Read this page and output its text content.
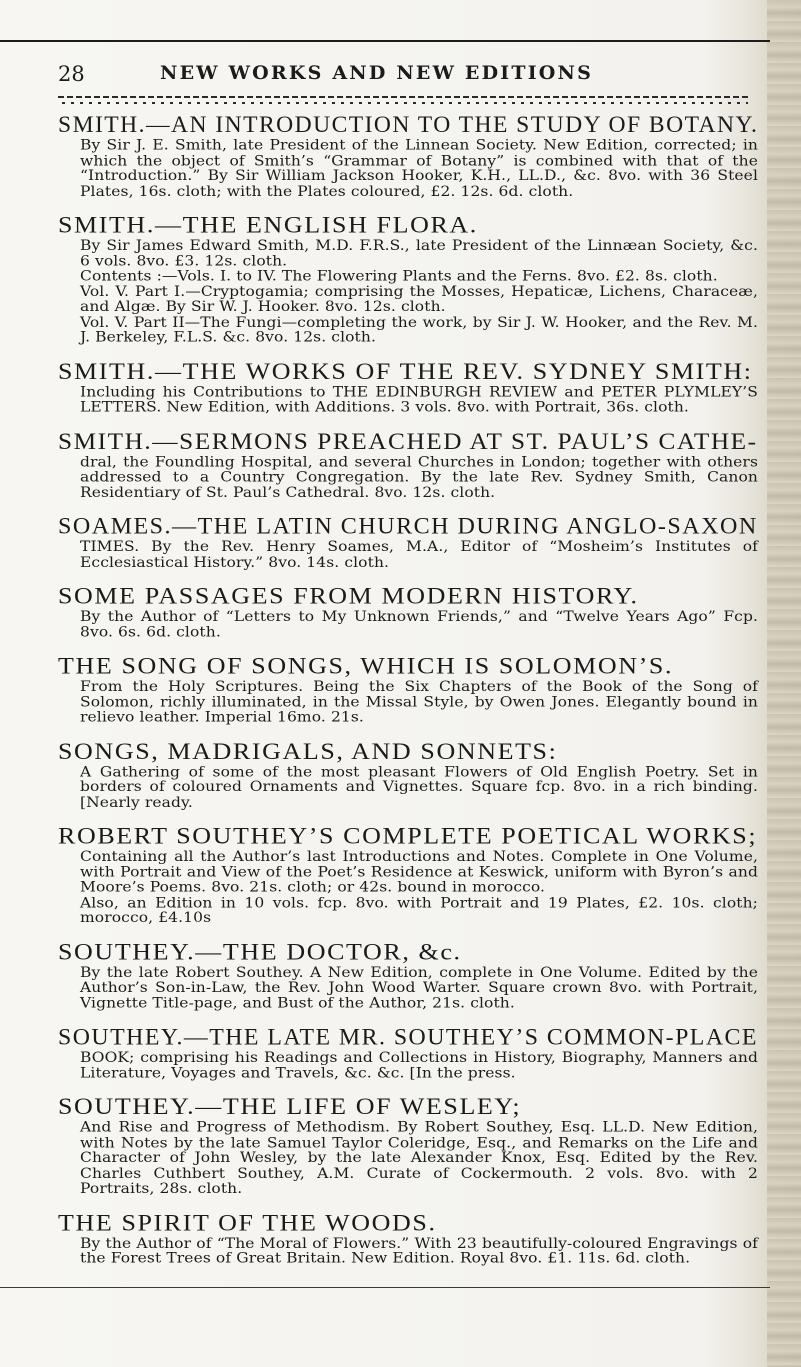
28	NEW WORKS AND NEW EDITIONS
SMITH.—AN INTRODUCTION TO THE STUDY OF BOTANY.
By Sir J. E. Smith, late President of the Linnean Society. New Edition, corrected; in which the object of Smith’s “Grammar of Botany” is combined with that of the “Introduction.” By Sir William Jackson Hooker, K.H., LL.D., &c. 8vo. with 36 Steel Plates, 16s. cloth; with the Plates coloured, £2. 12s. 6d. cloth.
SMITH.—THE ENGLISH FLORA.
By Sir James Edward Smith, M.D. F.R.S., late President of the Linnæan Society, &c. 6 vols. 8vo. £3. 12s. cloth.
Contents :—Vols. I. to IV. The Flowering Plants and the Ferns. 8vo. £2. 8s. cloth.
Vol. V. Part I.—Cryptogamia; comprising the Mosses, Hepaticæ, Lichens, Characeæ, and Algæ. By Sir W. J. Hooker. 8vo. 12s. cloth.
Vol. V. Part II—The Fungi—completing the work, by Sir J. W. Hooker, and the Rev. M. J. Berkeley, F.L.S. &c. 8vo. 12s. cloth.
SMITH.—THE WORKS OF THE REV. SYDNEY SMITH:
Including his Contributions to THE EDINBURGH REVIEW and PETER PLYMLEY’S LETTERS. New Edition, with Additions. 3 vols. 8vo. with Portrait, 36s. cloth.
SMITH.—SERMONS PREACHED AT ST. PAUL’S CATHE-
dral, the Foundling Hospital, and several Churches in London; together with others addressed to a Country Congregation. By the late Rev. Sydney Smith, Canon Residentiary of St. Paul’s Cathedral. 8vo. 12s. cloth.
SOAMES.—THE LATIN CHURCH DURING ANGLO-SAXON
TIMES. By the Rev. Henry Soames, M.A., Editor of “Mosheim’s Institutes of Ecclesiastical History.” 8vo. 14s. cloth.
SOME PASSAGES FROM MODERN HISTORY.
By the Author of “Letters to My Unknown Friends,” and “Twelve Years Ago” Fcp. 8vo. 6s. 6d. cloth.
THE SONG OF SONGS, WHICH IS SOLOMON’S.
From the Holy Scriptures. Being the Six Chapters of the Book of the Song of Solomon, richly illuminated, in the Missal Style, by Owen Jones. Elegantly bound in relievo leather. Imperial 16mo. 21s.
SONGS, MADRIGALS, AND SONNETS:
A Gathering of some of the most pleasant Flowers of Old English Poetry. Set in borders of coloured Ornaments and Vignettes. Square fcp. 8vo. in a rich binding. [Nearly ready.
ROBERT SOUTHEY’S COMPLETE POETICAL WORKS;
Containing all the Author’s last Introductions and Notes. Complete in One Volume, with Portrait and View of the Poet’s Residence at Keswick, uniform with Byron’s and Moore’s Poems. 8vo. 21s. cloth; or 42s. bound in morocco.
Also, an Edition in 10 vols. fcp. 8vo. with Portrait and 19 Plates, £2. 10s. cloth; morocco, £4.10s
SOUTHEY.—THE DOCTOR, &c.
By the late Robert Southey. A New Edition, complete in One Volume. Edited by the Author’s Son-in-Law, the Rev. John Wood Warter. Square crown 8vo. with Portrait, Vignette Title-page, and Bust of the Author, 21s. cloth.
SOUTHEY.—THE LATE MR. SOUTHEY’S COMMON-PLACE
BOOK; comprising his Readings and Collections in History, Biography, Manners and Literature, Voyages and Travels, &c. &c. [In the press.
SOUTHEY.—THE LIFE OF WESLEY;
And Rise and Progress of Methodism. By Robert Southey, Esq. LL.D. New Edition, with Notes by the late Samuel Taylor Coleridge, Esq., and Remarks on the Life and Character of John Wesley, by the late Alexander Knox, Esq. Edited by the Rev. Charles Cuthbert Southey, A.M. Curate of Cockermouth. 2 vols. 8vo. with 2 Portraits, 28s. cloth.
THE SPIRIT OF THE WOODS.
By the Author of “The Moral of Flowers.” With 23 beautifully-coloured Engravings of the Forest Trees of Great Britain. New Edition. Royal 8vo. £1. 11s. 6d. cloth.
